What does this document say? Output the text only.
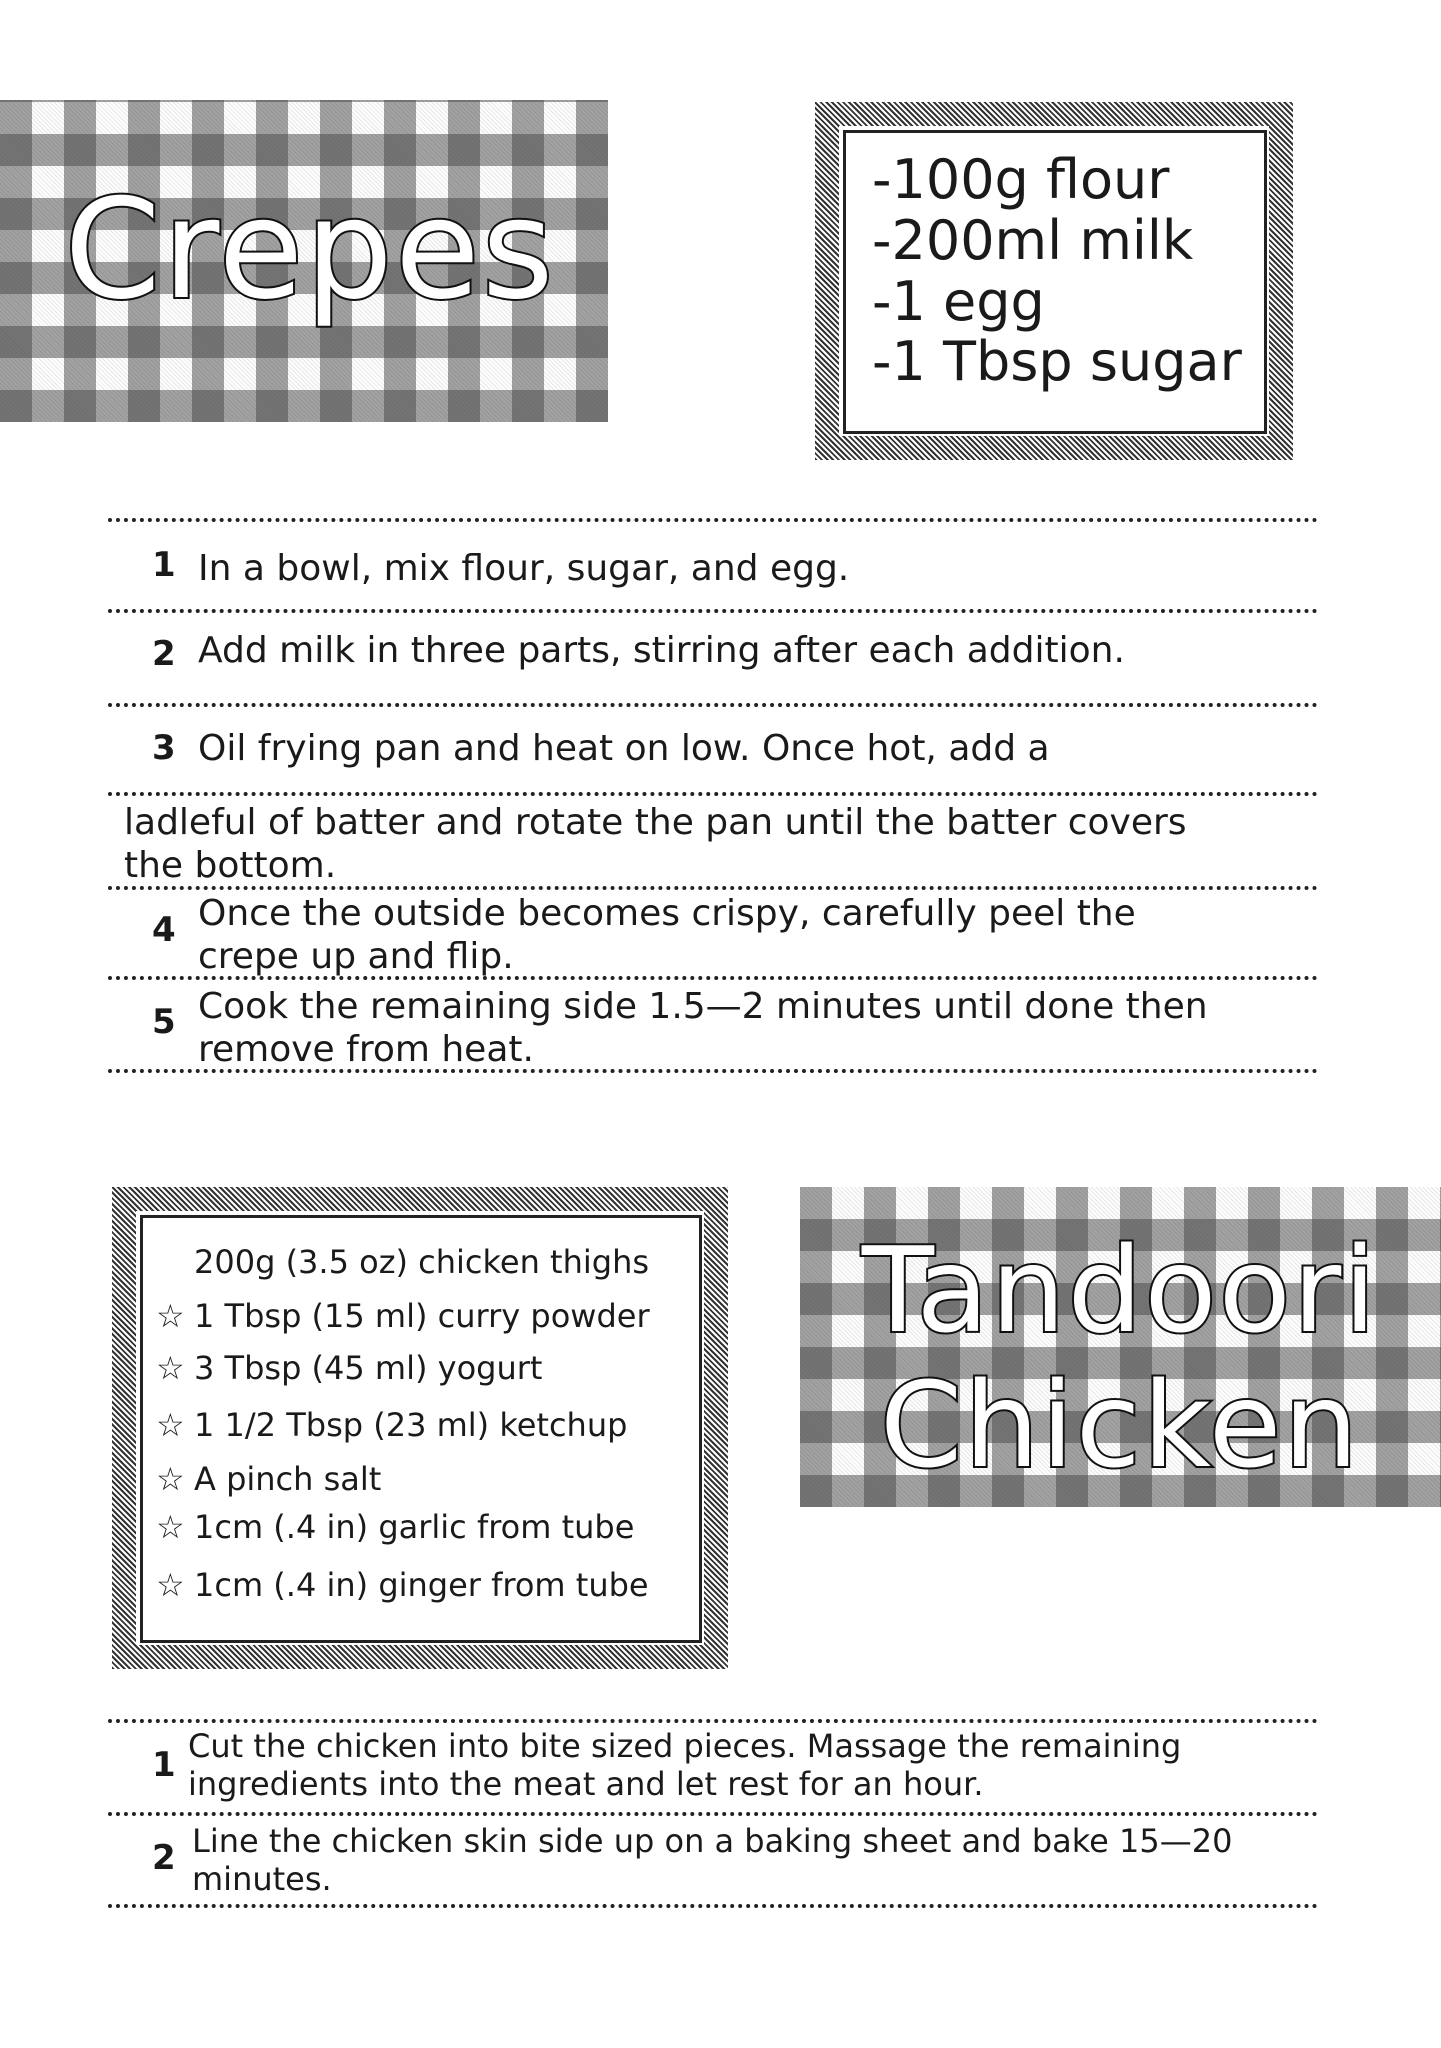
Crepes	-100g flour
-200ml milk
-1 egg
-1 Tbsp sugar
1 In a bowl, mix flour, sugar, and egg.
2 Add milk in three parts, stirring after each addition.
3 Oil frying pan and heat on low. Once hot, add a
ladleful of batter and rotate the pan until the batter covers
the bottom.
4 Once the outside becomes crispy, carefully peel the
crepe up and flip.
5 Cook the remaining side 1.5—2 minutes until done then
remove from heat.
200g (3.5 oz) chicken thighs
☆ 1 Tbsp (15 ml) curry powder
☆ 3 Tbsp (45 ml) yogurt
☆ 1 1/2 Tbsp (23 ml) ketchup
☆ A pinch salt
☆ 1cm (.4 in) garlic from tube
☆ 1cm (.4 in) ginger from tube
Tandoori
Chicken
1 Cut the chicken into bite sized pieces. Massage the remaining
ingredients into the meat and let rest for an hour.
2 Line the chicken skin side up on a baking sheet and bake 15—20
minutes.
